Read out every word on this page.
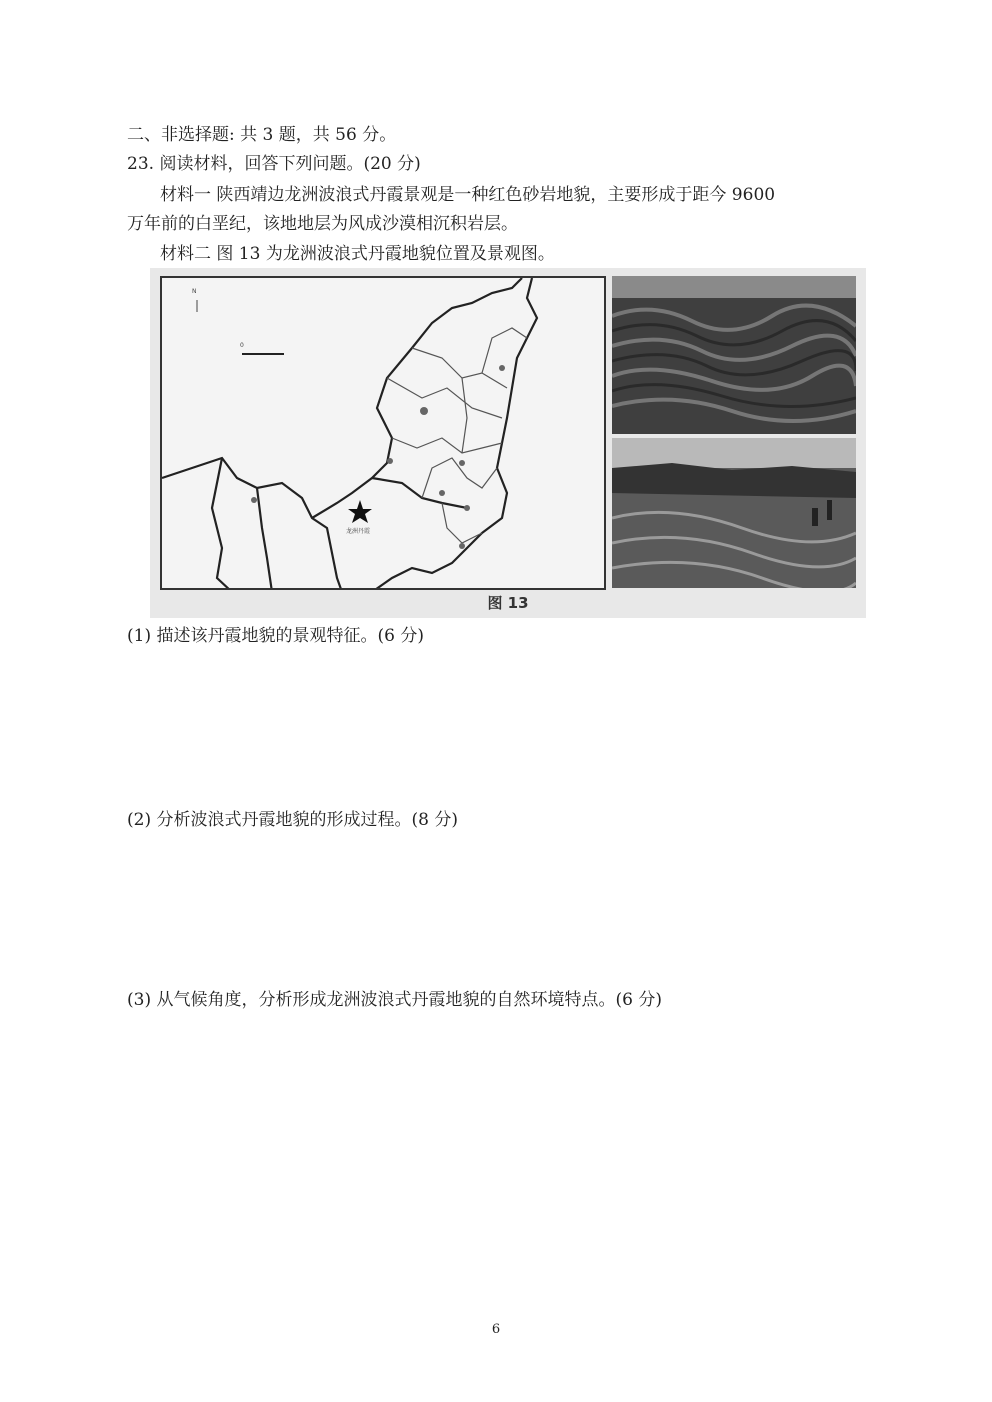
二、非选择题: 共 3 题，共 56 分。
23. 阅读材料，回答下列问题。(20 分)
材料一 陕西靖边龙洲波浪式丹霞景观是一种红色砂岩地貌，主要形成于距今 9600
万年前的白垩纪，该地地层为风成沙漠相沉积岩层。
材料二 图 13 为龙洲波浪式丹霞地貌位置及景观图。
N
0
龙洲丹霞
图 13
(1) 描述该丹霞地貌的景观特征。(6 分)
(2) 分析波浪式丹霞地貌的形成过程。(8 分)
(3) 从气候角度，分析形成龙洲波浪式丹霞地貌的自然环境特点。(6 分)
6
